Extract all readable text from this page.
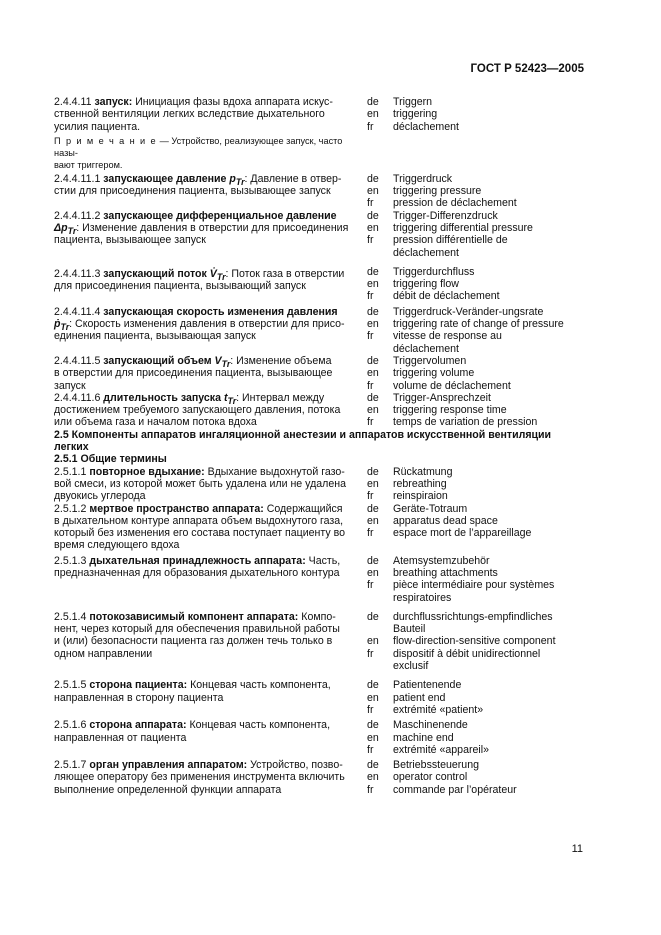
ГОСТ Р 52423—2005
2.4.4.11 запуск: Инициация фазы вдоха аппарата искус-
ственной вентиляции легких вследствие дыхательного
усилия пациента.
de
en
fr
Triggern
triggering
déclachement
П р и м е ч а н и е — Устройство, реализующее запуск, часто назы-
вают триггером.
2.4.4.11.1 запускающее давление $p_{Tr}$: Давление в отвер-
стии для присоединения пациента, вызывающее запуск
de
en
fr
Triggerdruck
triggering pressure
pression de déclachement
2.4.4.11.2 запускающее дифференциальное давление
$\Delta p_{Tr}$: Изменение давления в отверстии для присоединения
пациента, вызывающее запуск
de
en
fr
Trigger-Differenzdruck
triggering differential pressure
pression différentielle de
déclachement
2.4.4.11.3 запускающий поток $V̇_{Tr}$: Поток газа в отверстии
для присоединения пациента, вызывающий запуск
de
en
fr
Triggerdurchfluss
triggering flow
débit de déclachement
2.4.4.11.4 запускающая скорость изменения давления
ṗ$_{Tr}$: Скорость изменения давления в отверстии для присо-
единения пациента, вызывающая запуск
de
en
fr
Triggerdruck-Veränder-ungsrate
triggering rate of change of pressure
vitesse de response au
déclachement
2.4.4.11.5 запускающий объем $V_{Tr}$: Изменение объема
в отверстии для присоединения пациента, вызывающее
запуск
de
en
fr
Triggervolumen
triggering volume
volume de déclachement
2.4.4.11.6 длительность запуска $t_{Tr}$: Интервал между
достижением требуемого запускающего давления, потока
или объема газа и началом потока вдоха
de
en
fr
Trigger-Ansprechzeit
triggering response time
temps de variation de pression
2.5 Компоненты аппаратов ингаляционной анестезии и аппаратов искусственной вентиляции
легких
2.5.1 Общие термины
2.5.1.1 повторное вдыхание: Вдыхание выдохнутой газо-
вой смеси, из которой может быть удалена или не удалена
двуокись углерода
de
en
fr
Rückatmung
rebreathing
reinspiraion
2.5.1.2 мертвое пространство аппарата: Содержащийся
в дыхательном контуре аппарата объем выдохнутого газа,
который без изменения его состава поступает пациенту во
время следующего вдоха
de
en
fr
Geräte-Totraum
apparatus dead space
espace mort de l’appareillage
2.5.1.3 дыхательная принадлежность аппарата: Часть,
предназначенная для образования дыхательного контура
de
en
fr
Atemsystemzubehör
breathing attachments
pièce intermédiaire pour systèmes
respiratoires
2.5.1.4 потокозависимый компонент аппарата: Компо-
нент, через который для обеспечения правильной работы
и (или) безопасности пациента газ должен течь только в
одном направлении
de
en
fr
durchflussrichtungs-empfindliches
Bauteil
flow-direction-sensitive component
dispositif à débit unidirectionnel
exclusif
2.5.1.5 сторона пациента: Концевая часть компонента,
направленная в сторону пациента
de
en
fr
Patientenende
patient end
extrémité «patient»
2.5.1.6 сторона аппарата: Концевая часть компонента,
направленная от пациента
de
en
fr
Maschinenende
machine end
extrémité «appareil»
2.5.1.7 орган управления аппаратом: Устройство, позво-
ляющее оператору без применения инструмента включить
выполнение определенной функции аппарата
de
en
fr
Betriebssteuerung
operator control
commande par l’opérateur
11
